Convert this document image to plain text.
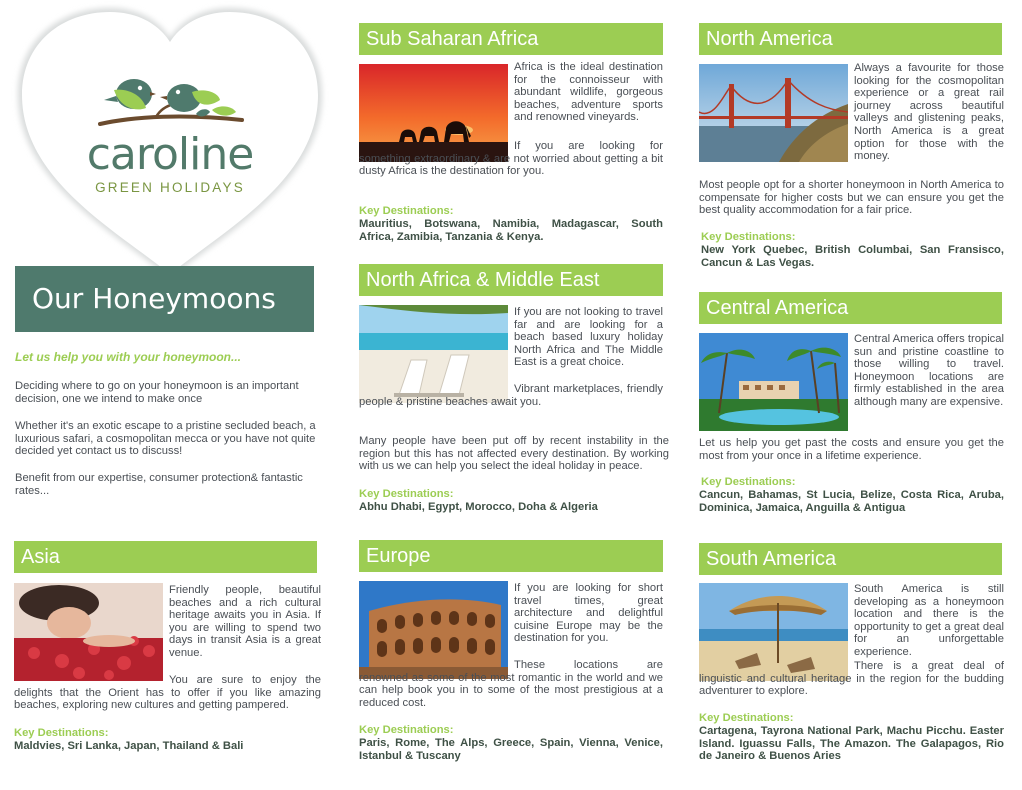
caroline
GREEN HOLIDAYS
Our Honeymoons
Let us help you with your honeymoon...

Deciding where to go on your honeymoon is an important decision, one we intend to make once

Whether it's an exotic escape to a pristine secluded beach, a luxurious safari, a cosmopolitan mecca or you have not quite decided yet contact us to discuss!

Benefit from our expertise, consumer protection& fantastic rates...

Asia

Friendly people, beautiful beaches and a rich cultural heritage awaits you in Asia. If you are willing to spend two days in transit Asia is a great venue.

You are sure to enjoy the delights that the Orient has to offer if you like amazing beaches, exploring new cultures and getting pampered.

Key Destinations:
Maldvies, Sri Lanka, Japan, Thailand & Bali
Sub Saharan Africa

Africa is the ideal destination for the connoisseur with abundant wildlife, gorgeous beaches, adventure sports and renowned vineyards.

If you are looking for something extraordinary & are not worried about getting a bit dusty Africa is the destination for you.

Key Destinations:
Mauritius, Botswana, Namibia, Madagascar, South Africa, Zamibia, Tanzania & Kenya.
North Africa & Middle East

If you are not looking to travel far and are looking for a beach based luxury holiday North Africa and The Middle East is a great choice.

Vibrant marketplaces, friendly people & pristine beaches await you.

Many people have been put off by recent instability in the region but this has not affected every destination. By working with us we can help you select the ideal holiday in peace.

Key Destinations:
Abhu Dhabi, Egypt, Morocco, Doha & Algeria
Europe

If you are looking for short travel times, great architecture and delightful cuisine Europe may be the destination for you.

These locations are renowned as some of the most romantic in the world and we can help book you in to some of the most prestigious at a reduced cost.

Key Destinations:
Paris, Rome, The Alps, Greece, Spain, Vienna, Venice, Istanbul & Tuscany
North America

Always a favourite for those looking for the cosmopolitan experience or a great rail journey across beautiful valleys and glistening peaks, North America is a great option for those with the money.

Most people opt for a shorter honeymoon in North America to compensate for higher costs but we can ensure you get the best quality accommodation for a fair price.

Key Destinations:
New York Quebec, British Columbai, San Fransisco, Cancun & Las Vegas.
Central America

Central America offers tropical sun and pristine coastline to those willing to travel. Honeymoon locations are firmly established in the area although many are expensive.

Let us help you get past the costs and ensure you get the most from your once in a lifetime experience.

Key Destinations:
Cancun, Bahamas, St Lucia, Belize, Costa Rica, Aruba, Dominica, Jamaica, Anguilla & Antigua
South America

South America is still developing as a honeymoon location and there is the opportunity to get a great deal for an unforgettable experience.

There is a great deal of linguistic and cultural heritage in the region for the budding adventurer to explore.

Key Destinations:
Cartagena, Tayrona National Park, Machu Picchu. Easter Island. Iguassu Falls, The Amazon. The Galapagos, Rio de Janeiro & Buenos Aries
